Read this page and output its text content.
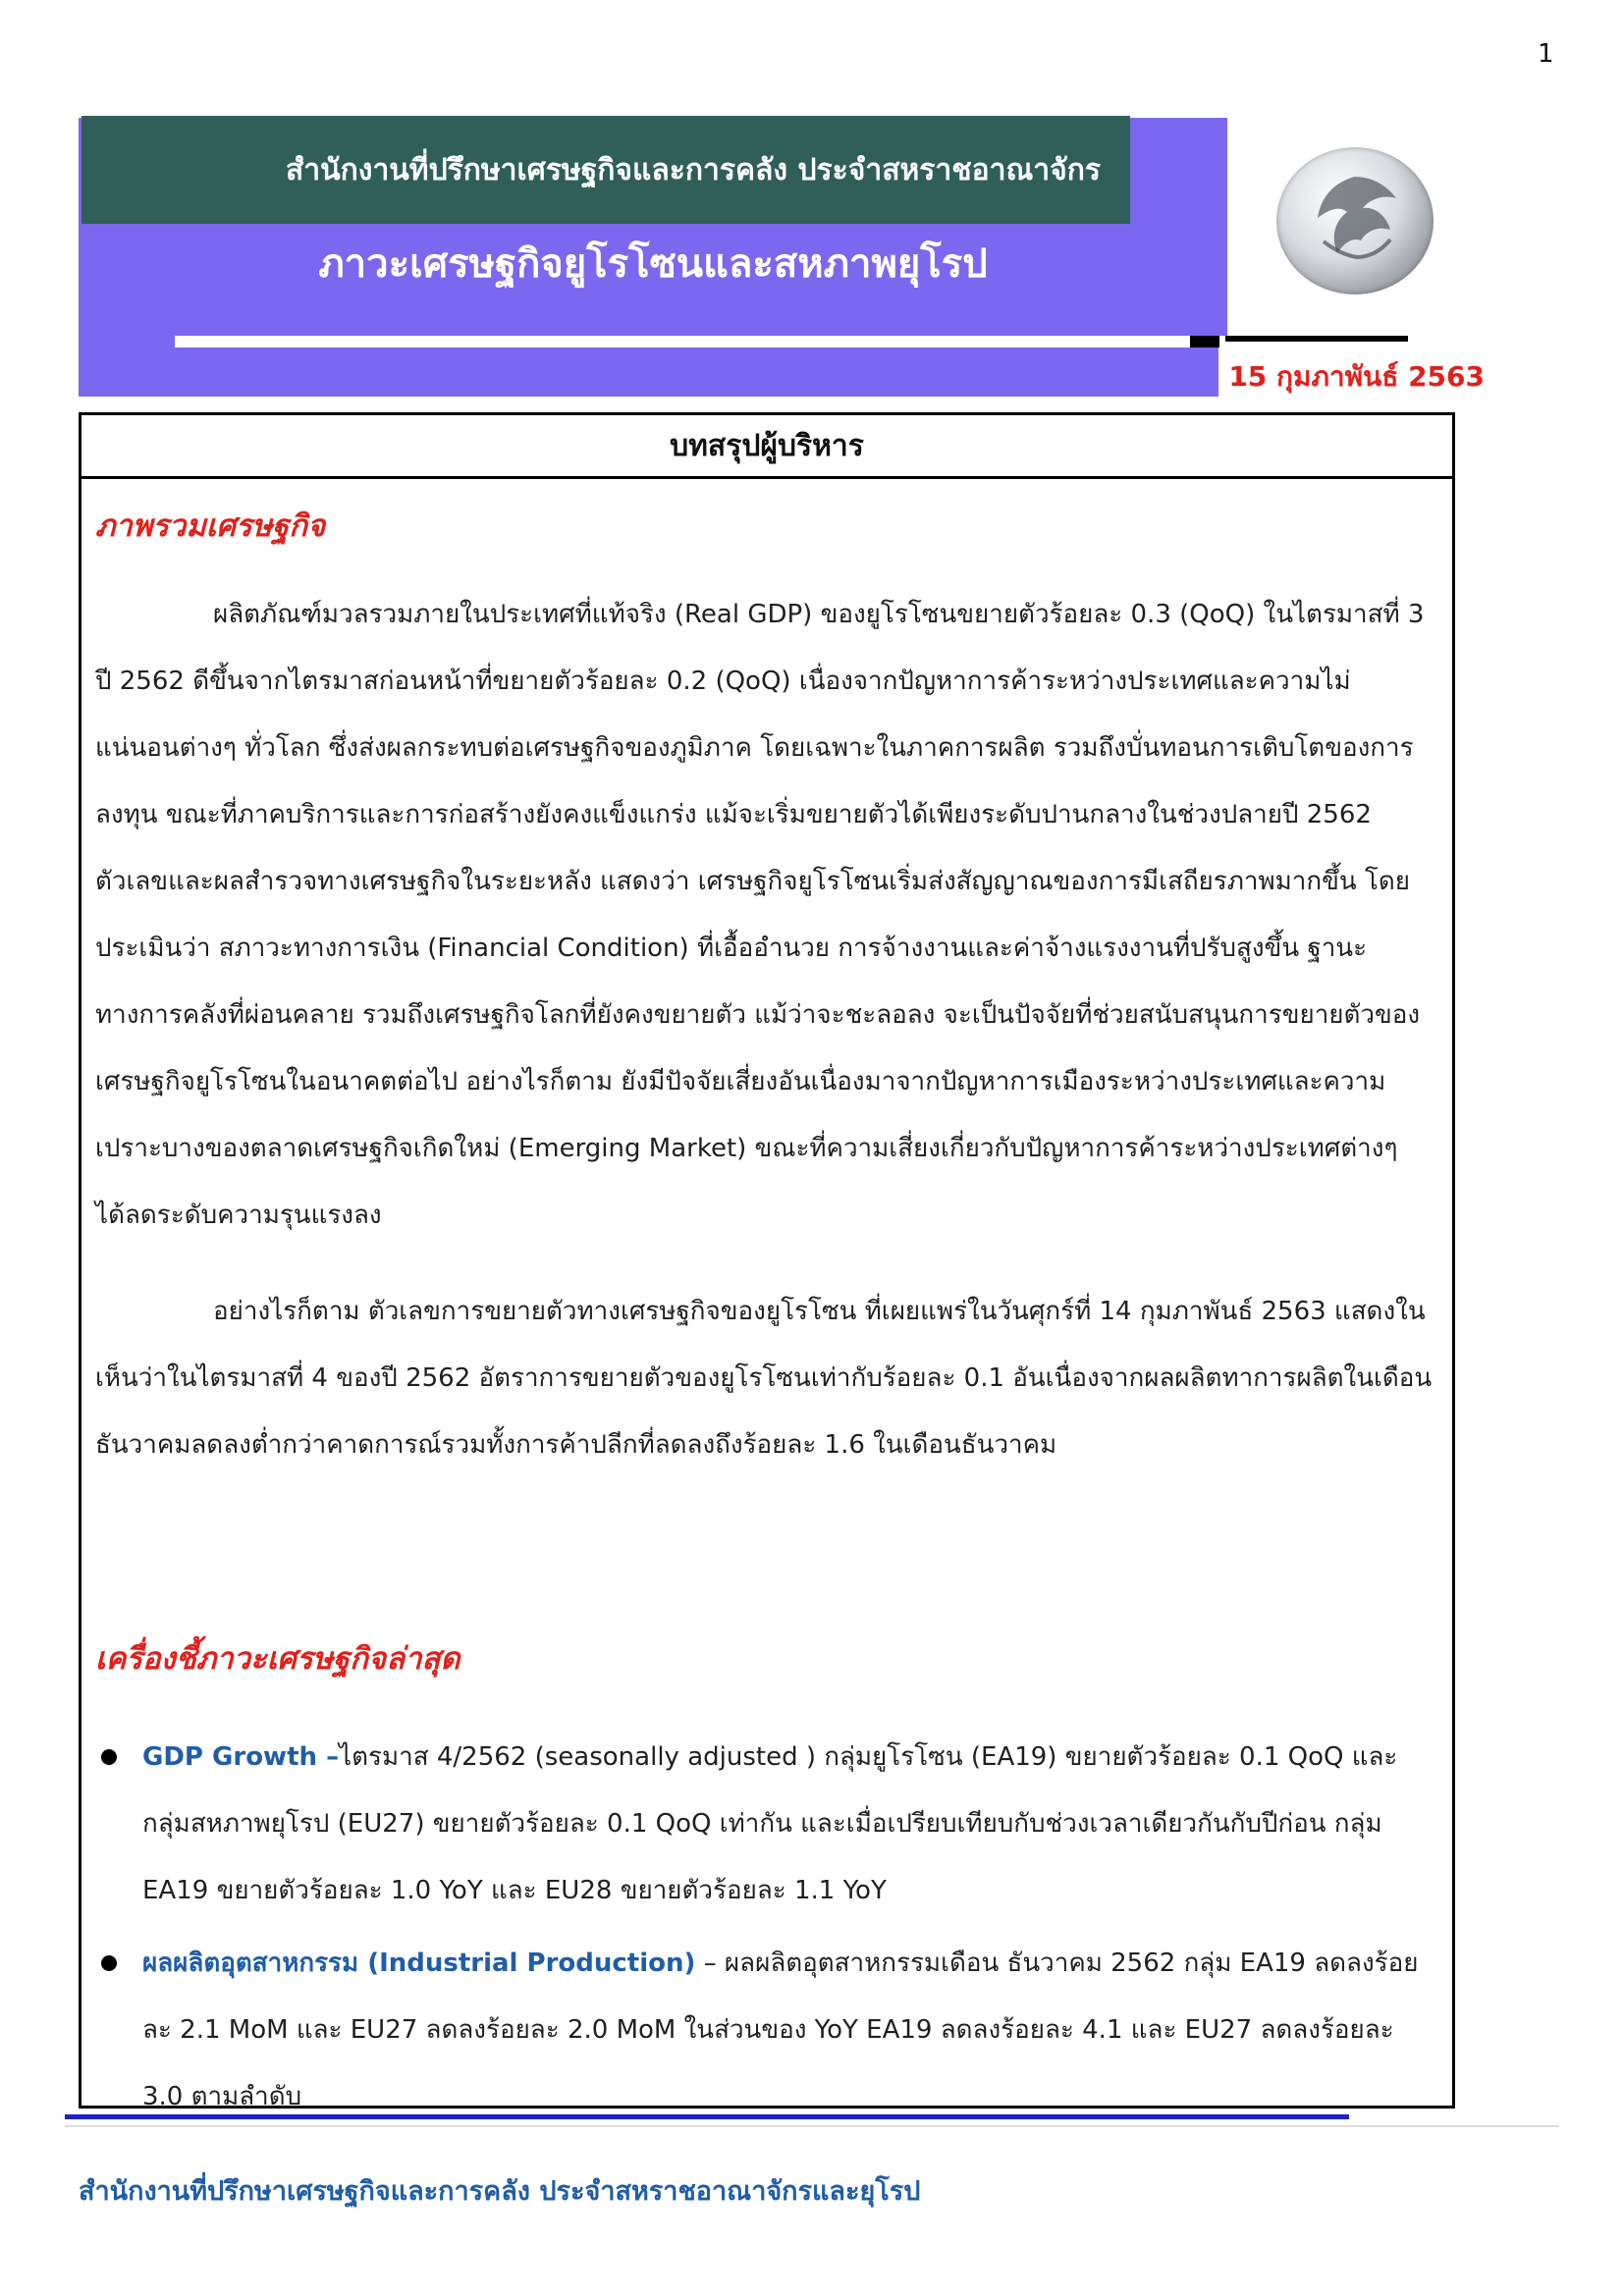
1
สำนักงานที่ปรึกษาเศรษฐกิจและการคลัง ประจำสหราชอาณาจักร
ภาวะเศรษฐกิจยูโรโซนและสหภาพยุโรป
15 กุมภาพันธ์ 2563
บทสรุปผู้บริหาร

ภาพรวมเศรษฐกิจ

ผลิตภัณฑ์มวลรวมภายในประเทศที่แท้จริง (Real GDP) ของยูโรโซนขยายตัวร้อยละ 0.3 (QoQ) ในไตรมาสที่ 3 ปี 2562 ดีขึ้นจากไตรมาสก่อนหน้าที่ขยายตัวร้อยละ 0.2 (QoQ) เนื่องจากปัญหาการค้าระหว่างประเทศและความไม่แน่นอนต่างๆ ทั่วโลก ซึ่งส่งผลกระทบต่อเศรษฐกิจของภูมิภาค โดยเฉพาะในภาคการผลิต รวมถึงบั่นทอนการเติบโตของการลงทุน ขณะที่ภาคบริการและการก่อสร้างยังคงแข็งแกร่ง แม้จะเริ่มขยายตัวได้เพียงระดับปานกลางในช่วงปลายปี 2562 ตัวเลขและผลสำรวจทางเศรษฐกิจในระยะหลัง แสดงว่า เศรษฐกิจยูโรโซนเริ่มส่งสัญญาณของการมีเสถียรภาพมากขึ้น โดยประเมินว่า สภาวะทางการเงิน (Financial Condition) ที่เอื้ออำนวย การจ้างงานและค่าจ้างแรงงานที่ปรับสูงขึ้น ฐานะทางการคลังที่ผ่อนคลาย รวมถึงเศรษฐกิจโลกที่ยังคงขยายตัว แม้ว่าจะชะลอลง จะเป็นปัจจัยที่ช่วยสนับสนุนการขยายตัวของเศรษฐกิจยูโรโซนในอนาคตต่อไป อย่างไรก็ตาม ยังมีปัจจัยเสี่ยงอันเนื่องมาจากปัญหาการเมืองระหว่างประเทศและความเปราะบางของตลาดเศรษฐกิจเกิดใหม่ (Emerging Market) ขณะที่ความเสี่ยงเกี่ยวกับปัญหาการค้าระหว่างประเทศต่างๆ ได้ลดระดับความรุนแรงลง

อย่างไรก็ตาม ตัวเลขการขยายตัวทางเศรษฐกิจของยูโรโซน ที่เผยแพร่ในวันศุกร์ที่ 14 กุมภาพันธ์ 2563 แสดงในเห็นว่าในไตรมาสที่ 4 ของปี 2562 อัตราการขยายตัวของยูโรโซนเท่ากับร้อยละ 0.1 อันเนื่องจากผลผลิตทาการผลิตในเดือนธันวาคมลดลงต่ำกว่าคาดการณ์รวมทั้งการค้าปลีกที่ลดลงถึงร้อยละ 1.6 ในเดือนธันวาคม

เครื่องชี้ภาวะเศรษฐกิจล่าสุด

GDP Growth –ไตรมาส 4/2562 (seasonally adjusted ) กลุ่มยูโรโซน (EA19) ขยายตัวร้อยละ 0.1 QoQ และกลุ่มสหภาพยุโรป (EU27) ขยายตัวร้อยละ 0.1 QoQ เท่ากัน และเมื่อเปรียบเทียบกับช่วงเวลาเดียวกันกับปีก่อน กลุ่ม EA19 ขยายตัวร้อยละ 1.0 YoY และ EU28 ขยายตัวร้อยละ 1.1 YoY
ผลผลิตอุตสาหกรรม (Industrial Production) – ผลผลิตอุตสาหกรรมเดือน ธันวาคม 2562 กลุ่ม EA19 ลดลงร้อยละ 2.1 MoM และ EU27 ลดลงร้อยละ 2.0 MoM ในส่วนของ YoY EA19 ลดลงร้อยละ 4.1 และ EU27 ลดลงร้อยละ 3.0 ตามลำดับ
สำนักงานที่ปรึกษาเศรษฐกิจและการคลัง ประจำสหราชอาณาจักรและยุโรป
